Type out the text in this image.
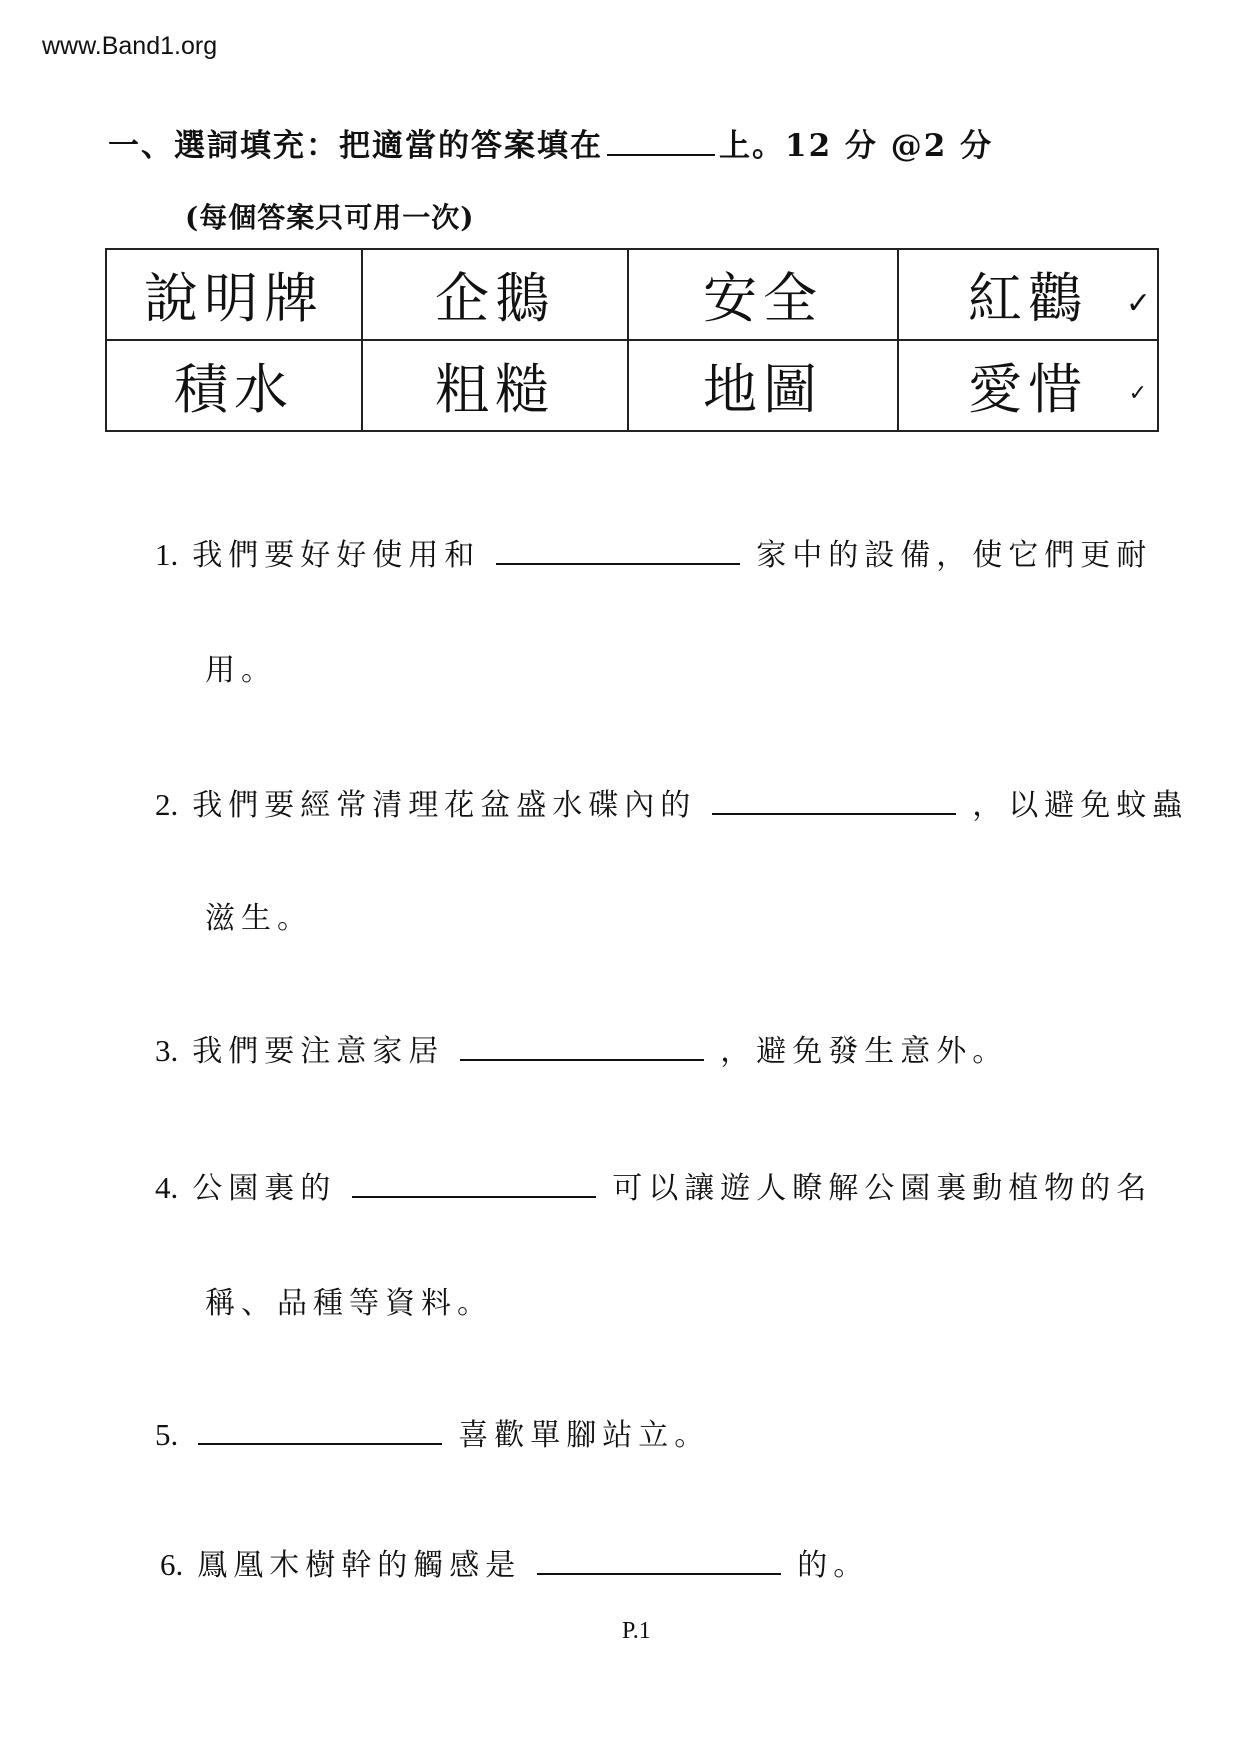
www.Band1.org
一、選詞填充：把適當的答案填在	上。12 分 @2 分
(每個答案只可用一次)
說明牌	企鵝	安全	紅鸛 ✓

積水	粗糙	地圖	愛惜 ✓
1. 我們要好好使用和	家中的設備，使它們更耐
用。
2. 我們要經常清理花盆盛水碟內的	，以避免蚊蟲
滋生。
3. 我們要注意家居	，避免發生意外。
4. 公園裏的	可以讓遊人瞭解公園裏動植物的名
稱、品種等資料。
5.	喜歡單腳站立。
6. 鳳凰木樹幹的觸感是	的。
P.1
